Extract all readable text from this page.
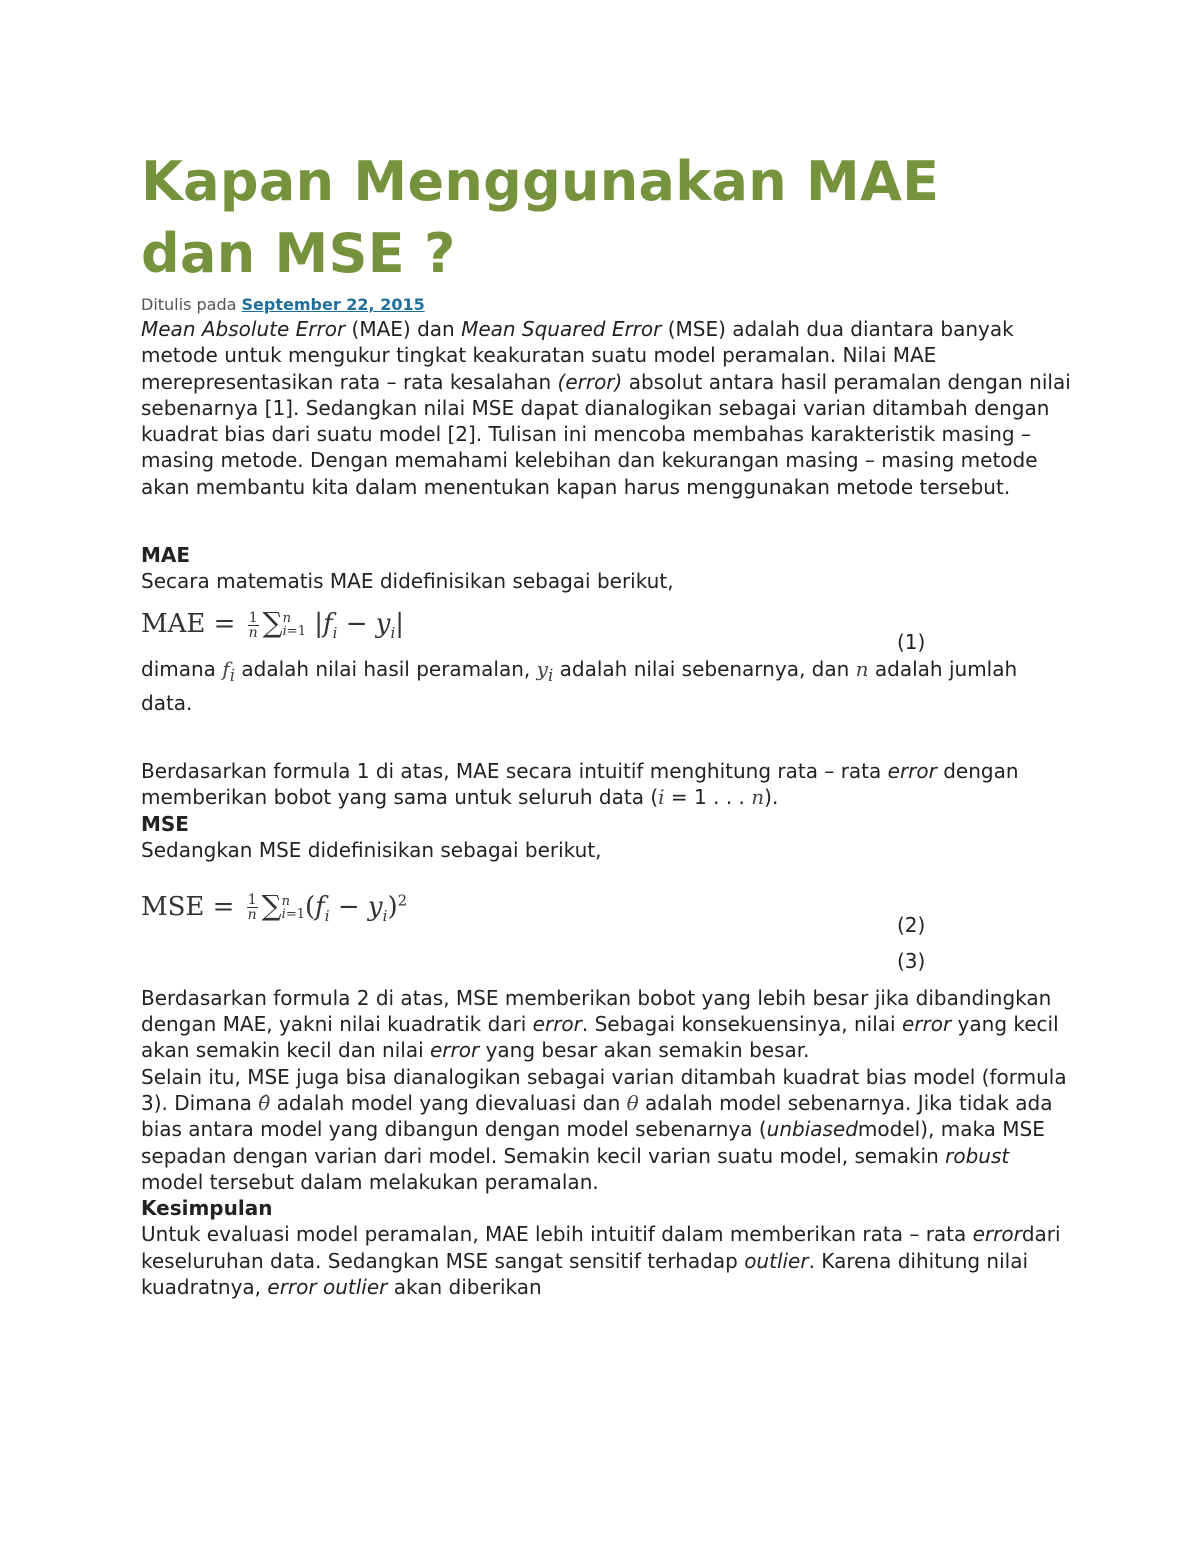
Kapan Menggunakan MAE dan MSE ?
Ditulis pada September 22, 2015

Mean Absolute Error (MAE) dan Mean Squared Error (MSE) adalah dua diantara banyak metode untuk mengukur tingkat keakuratan suatu model peramalan. Nilai MAE merepresentasikan rata – rata kesalahan (error) absolut antara hasil peramalan dengan nilai sebenarnya [1]. Sedangkan nilai MSE dapat dianalogikan sebagai varian ditambah dengan kuadrat bias dari suatu model [2]. Tulisan ini mencoba membahas karakteristik masing – masing metode. Dengan memahami kelebihan dan kekurangan masing – masing metode akan membantu kita dalam menentukan kapan harus menggunakan metode tersebut.

MAE

Secara matematis MAE didefinisikan sebagai berikut,

MAE = $\frac{1}{n}$ ∑ n
i=1 $|f_i - y_i|$
(1)

dimana $f_i$ adalah nilai hasil peramalan, $y_i$ adalah nilai sebenarnya, dan n adalah jumlah data.

Berdasarkan formula 1 di atas, MAE secara intuitif menghitung rata – rata error dengan memberikan bobot yang sama untuk seluruh data (i = 1 . . . n).

MSE

Sedangkan MSE didefinisikan sebagai berikut,

MSE = $\frac{1}{n}$ ∑ n
i=1 $(f_i - y_i)^2$
(2)
(3)

Berdasarkan formula 2 di atas, MSE memberikan bobot yang lebih besar jika dibandingkan dengan MAE, yakni nilai kuadratik dari error. Sebagai konsekuensinya, nilai error yang kecil akan semakin kecil dan nilai error yang besar akan semakin besar.

Selain itu, MSE juga bisa dianalogikan sebagai varian ditambah kuadrat bias model (formula 3). Dimana θ̂ adalah model yang dievaluasi dan θ adalah model sebenarnya. Jika tidak ada bias antara model yang dibangun dengan model sebenarnya (unbiasedmodel), maka MSE sepadan dengan varian dari model. Semakin kecil varian suatu model, semakin robust model tersebut dalam melakukan peramalan.

Kesimpulan

Untuk evaluasi model peramalan, MAE lebih intuitif dalam memberikan rata – rata errordari keseluruhan data. Sedangkan MSE sangat sensitif terhadap outlier. Karena dihitung nilai kuadratnya, error outlier akan diberikan
